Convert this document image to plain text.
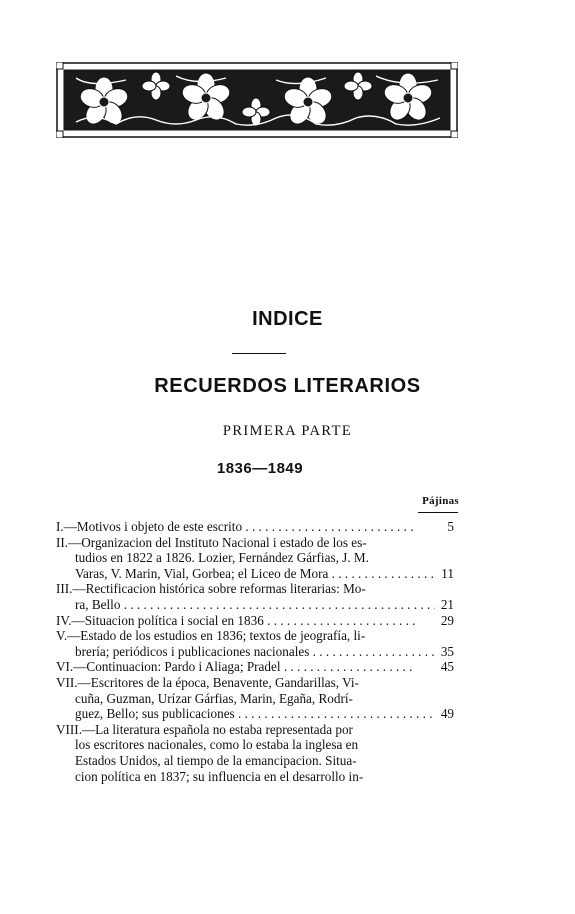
INDICE
RECUERDOS LITERARIOS
PRIMERA PARTE
1836—1849
Pájinas
I.—Motivos i objeto de este escrito . . .	5
II.—Organizacion del Instituto Nacional i estado de los es-
tudios en 1822 a 1826. Lozier, Fernández Gárfias, J. M.
Varas, V. Marin, Vial, Gorbea; el Liceo de Mora . . .	11
III.—Rectificacion histórica sobre reformas literarias: Mo-
ra, Bello . . .	21
IV.—Situacion política i social en 1836 . . .	29
V.—Estado de los estudios en 1836; textos de jeografía, li-
brería; periódicos i publicaciones nacionales . . .	35
VI.—Continuacion: Pardo i Aliaga; Pradel . . .	45
VII.—Escritores de la época, Benavente, Gandarillas, Vi-
cuña, Guzman, Urízar Gárfias, Marin, Egaña, Rodrí-
guez, Bello; sus publicaciones . . .	49
VIII.—La literatura española no estaba representada por
los escritores nacionales, como lo estaba la inglesa en
Estados Unidos, al tiempo de la emancipacion. Situa-
cion política en 1837; su influencia en el desarrollo in-
